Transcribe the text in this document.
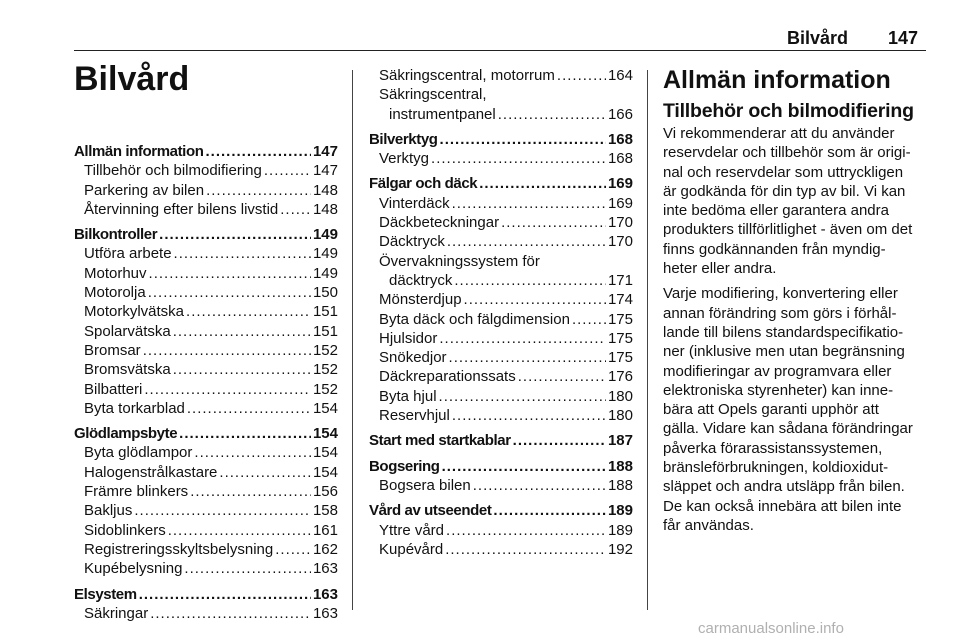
Bilvård 147
Bilvård
Allmän information .....	147
Tillbehör och bilmodifiering .....	147
Parkering av bilen .....	148
Återvinning efter bilens livstid ..... 148
Bilkontroller .....	149
Utföra arbete .....	149
Motorhuv .....	149
Motorolja .....	150
Motorkylvätska .....	151
Spolarvätska .....	151
Bromsar .....	152
Bromsvätska .....	152
Bilbatteri .....	152
Byta torkarblad .....	154
Glödlampsbyte .....	154
Byta glödlampor .....	154
Halogenstrålkastare .....	154
Främre blinkers .....	156
Bakljus .....	158
Sidoblinkers .....	161
Registreringsskyltsbelysning .....	162
Kupébelysning .....	163
Elsystem .....	163
Säkringar .....	163
Säkringscentral, motorrum .....	164
Säkringscentral,
instrumentpanel .....	166
Bilverktyg .....	168
Verktyg .....	168
Fälgar och däck .....	169
Vinterdäck .....	169
Däckbeteckningar .....	170
Däcktryck .....	170
Övervakningssystem för
däcktryck .....	171
Mönsterdjup .....	174
Byta däck och fälgdimension .....	175
Hjulsidor .....	175
Snökedjor .....	175
Däckreparationssats .....	176
Byta hjul .....	180
Reservhjul .....	180
Start med startkablar .....	187
Bogsering .....	188
Bogsera bilen .....	188
Vård av utseendet .....	189
Yttre vård .....	189
Kupévård .....	192
Allmän information
Tillbehör och bilmodifiering
Vi rekommenderar att du använder
reservdelar och tillbehör som är origi-
nal och reservdelar som uttryckligen
är godkända för din typ av bil. Vi kan
inte bedöma eller garantera andra
produkters tillförlitlighet - även om det
finns godkännanden från myndig-
heter eller andra.
Varje modifiering, konvertering eller
annan förändring som görs i förhål-
lande till bilens standardspecifikatio-
ner (inklusive men utan begränsning
modifieringar av programvara eller
elektroniska styrenheter) kan inne-
bära att Opels garanti upphör att
gälla. Vidare kan sådana förändringar
påverka förarassistanssystemen,
bränsleförbrukningen, koldioxidut-
släppet och andra utsläpp från bilen.
De kan också innebära att bilen inte
får användas.
carmanualsonline.info
